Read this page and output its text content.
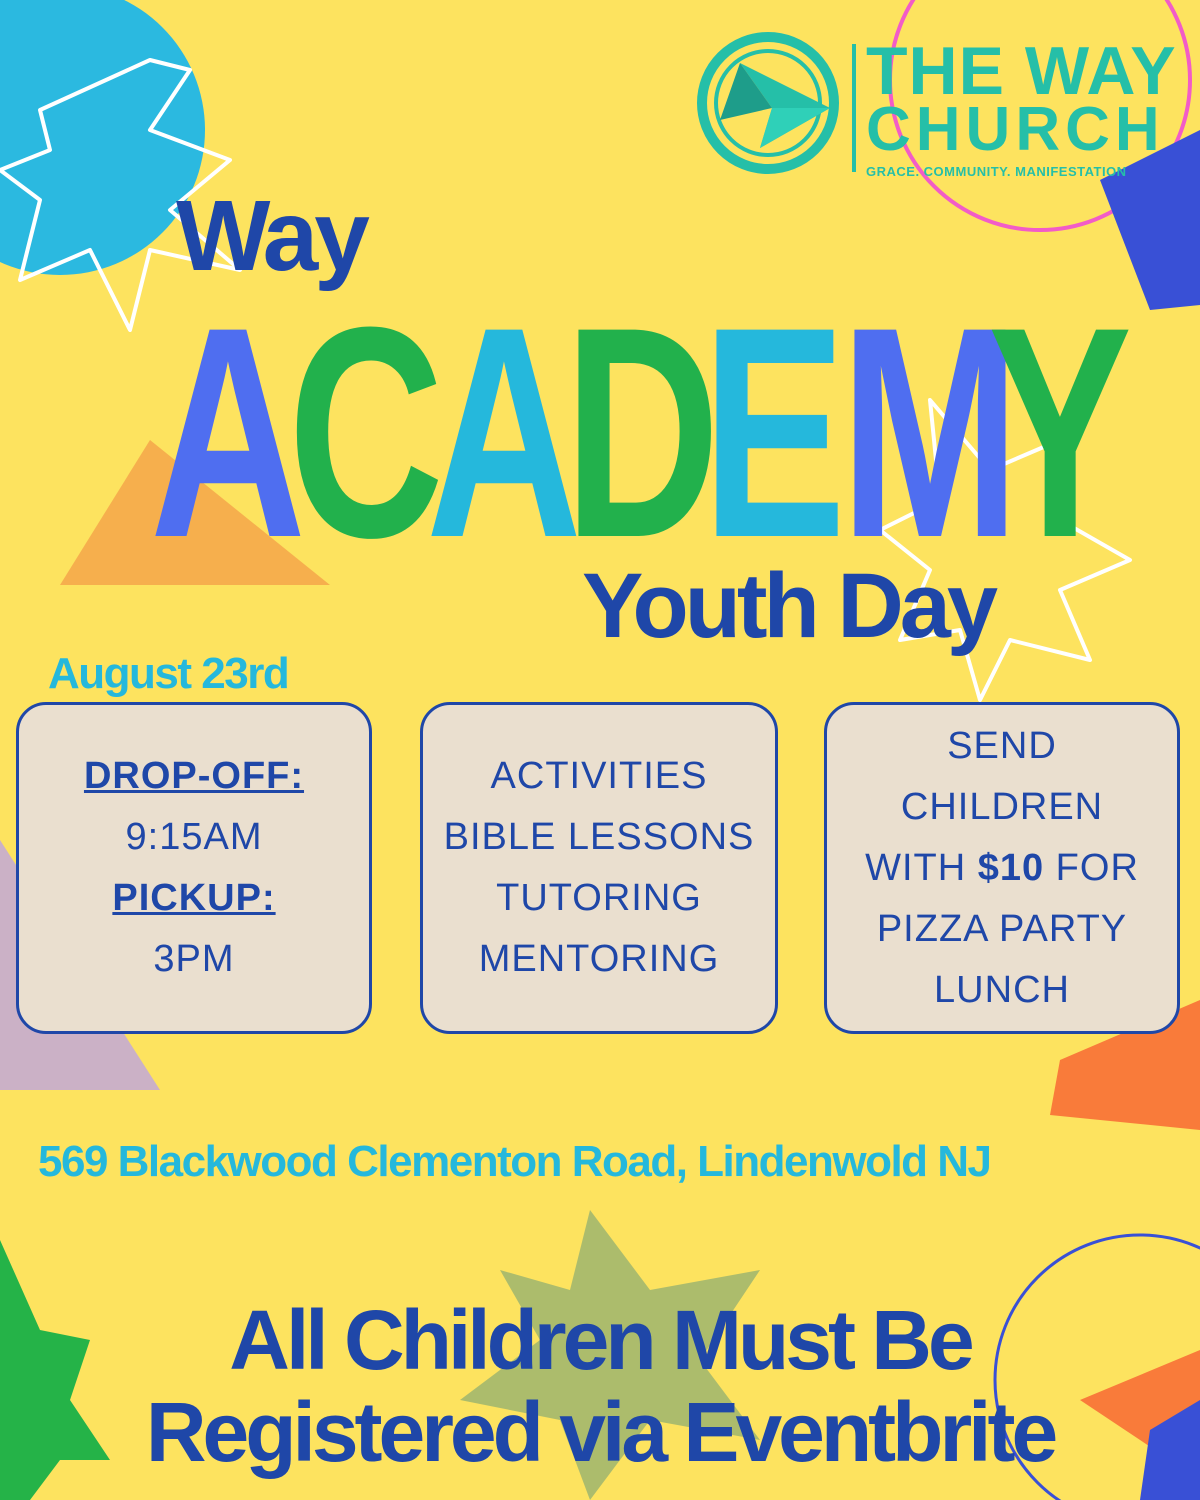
THE WAY
CHURCH
GRACE. COMMUNITY. MANIFESTATION
Way
A
C
A
D
E
M
Y
Youth Day
August 23rd
DROP-OFF:
9:15AM
PICKUP:
3PM
ACTIVITIES
BIBLE LESSONS
TUTORING
MENTORING
SEND
CHILDREN
WITH $10 FOR
PIZZA PARTY
LUNCH
569 Blackwood Clementon Road, Lindenwold NJ
All Children Must Be
Registered via Eventbrite
